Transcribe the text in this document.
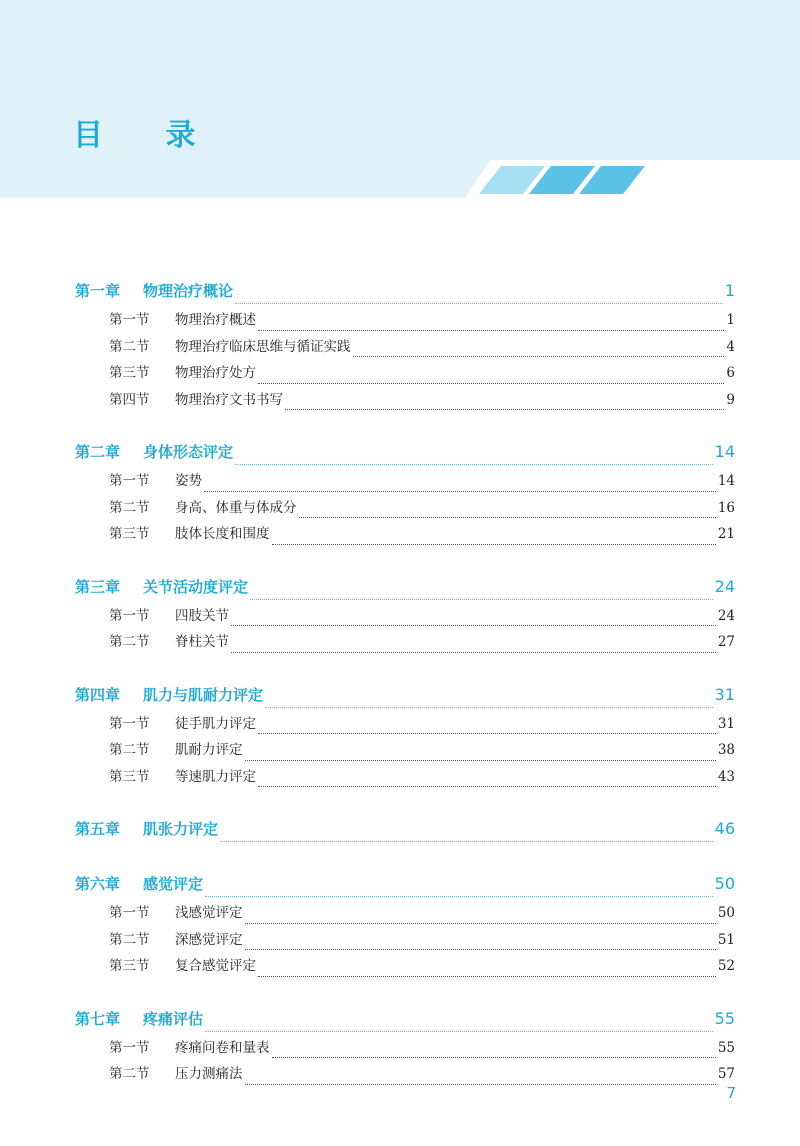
目 录
第一章	物理治疗概论	1
第一节	物理治疗概述	1
第二节	物理治疗临床思维与循证实践	4
第三节	物理治疗处方	6
第四节	物理治疗文书书写	9
第二章	身体形态评定	14
第一节	姿势	14
第二节	身高、体重与体成分	16
第三节	肢体长度和围度	21
第三章	关节活动度评定	24
第一节	四肢关节	24
第二节	脊柱关节	27
第四章	肌力与肌耐力评定	31
第一节	徒手肌力评定	31
第二节	肌耐力评定	38
第三节	等速肌力评定	43
第五章	肌张力评定	46
第六章	感觉评定	50
第一节	浅感觉评定	50
第二节	深感觉评定	51
第三节	复合感觉评定	52
第七章	疼痛评估	55
第一节	疼痛问卷和量表	55
第二节	压力测痛法	57
7
